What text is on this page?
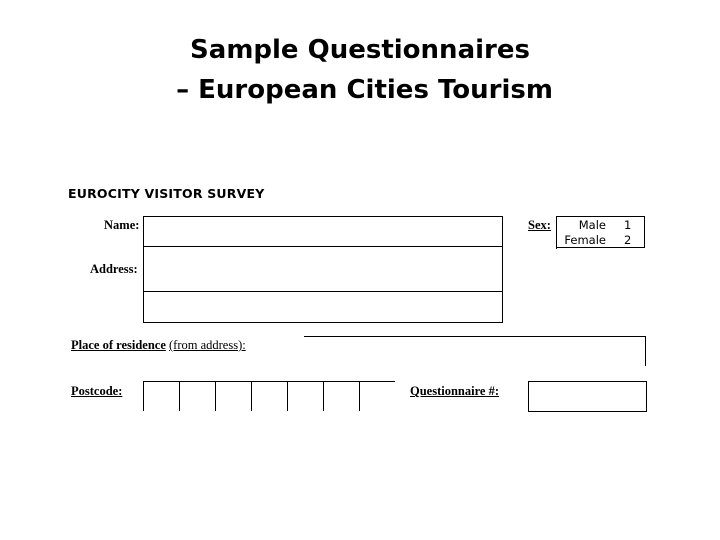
Sample Questionnaires
– European Cities Tourism
EUROCITY VISITOR SURVEY
Name:
Address:
Sex: Male 1
Female 2
Place of residence (from address):
Postcode:	Questionnaire #:
